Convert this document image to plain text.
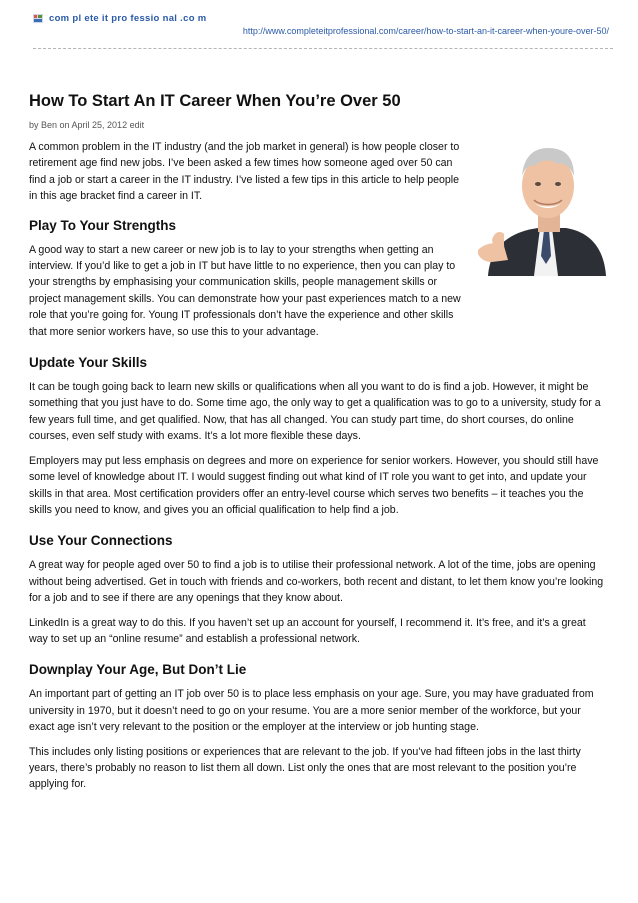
com pl ete it pro fessio nal .co m
http://www.completeitprofessional.com/career/how-to-start-an-it-career-when-youre-over-50/
How To Start An IT Career When You’re Over 50
by Ben on April 25, 2012 edit

A common problem in the IT industry (and the job market in general) is how people closer to retirement age find new jobs. I’ve been asked a few times how someone aged over 50 can find a job or start a career in the IT industry. I’ve listed a few tips in this article to help people in this age bracket find a career in IT.

Play To Your Strengths

A good way to start a new career or new job is to lay to your strengths when getting an interview. If you’d like to get a job in IT but have little to no experience, then you can play to your strengths by emphasising your communication skills, people management skills or project management skills. You can demonstrate how your past experiences match to a new role that you’re going for. Young IT professionals don’t have the experience and other skills that more senior workers have, so use this to your advantage.

Update Your Skills

It can be tough going back to learn new skills or qualifications when all you want to do is find a job. However, it might be something that you just have to do. Some time ago, the only way to get a qualification was to go to a university, study for a few years full time, and get qualified. Now, that has all changed. You can study part time, do short courses, do online courses, even self study with exams. It’s a lot more flexible these days.

Employers may put less emphasis on degrees and more on experience for senior workers. However, you should still have some level of knowledge about IT. I would suggest finding out what kind of IT role you want to get into, and update your skills in that area. Most certification providers offer an entry-level course which serves two benefits – it teaches you the skills you need to know, and gives you an official qualification to help find a job.

Use Your Connections

A great way for people aged over 50 to find a job is to utilise their professional network. A lot of the time, jobs are opening without being advertised. Get in touch with friends and co-workers, both recent and distant, to let them know you’re looking for a job and to see if there are any openings that they know about.

LinkedIn is a great way to do this. If you haven’t set up an account for yourself, I recommend it. It’s free, and it’s a great way to set up an “online resume” and establish a professional network.

Downplay Your Age, But Don’t Lie

An important part of getting an IT job over 50 is to place less emphasis on your age. Sure, you may have graduated from university in 1970, but it doesn’t need to go on your resume. You are a more senior member of the workforce, but your exact age isn’t very relevant to the position or the employer at the interview or job hunting stage.

This includes only listing positions or experiences that are relevant to the job. If you’ve had fifteen jobs in the last thirty years, there’s probably no reason to list them all down. List only the ones that are most relevant to the position you’re applying for.
